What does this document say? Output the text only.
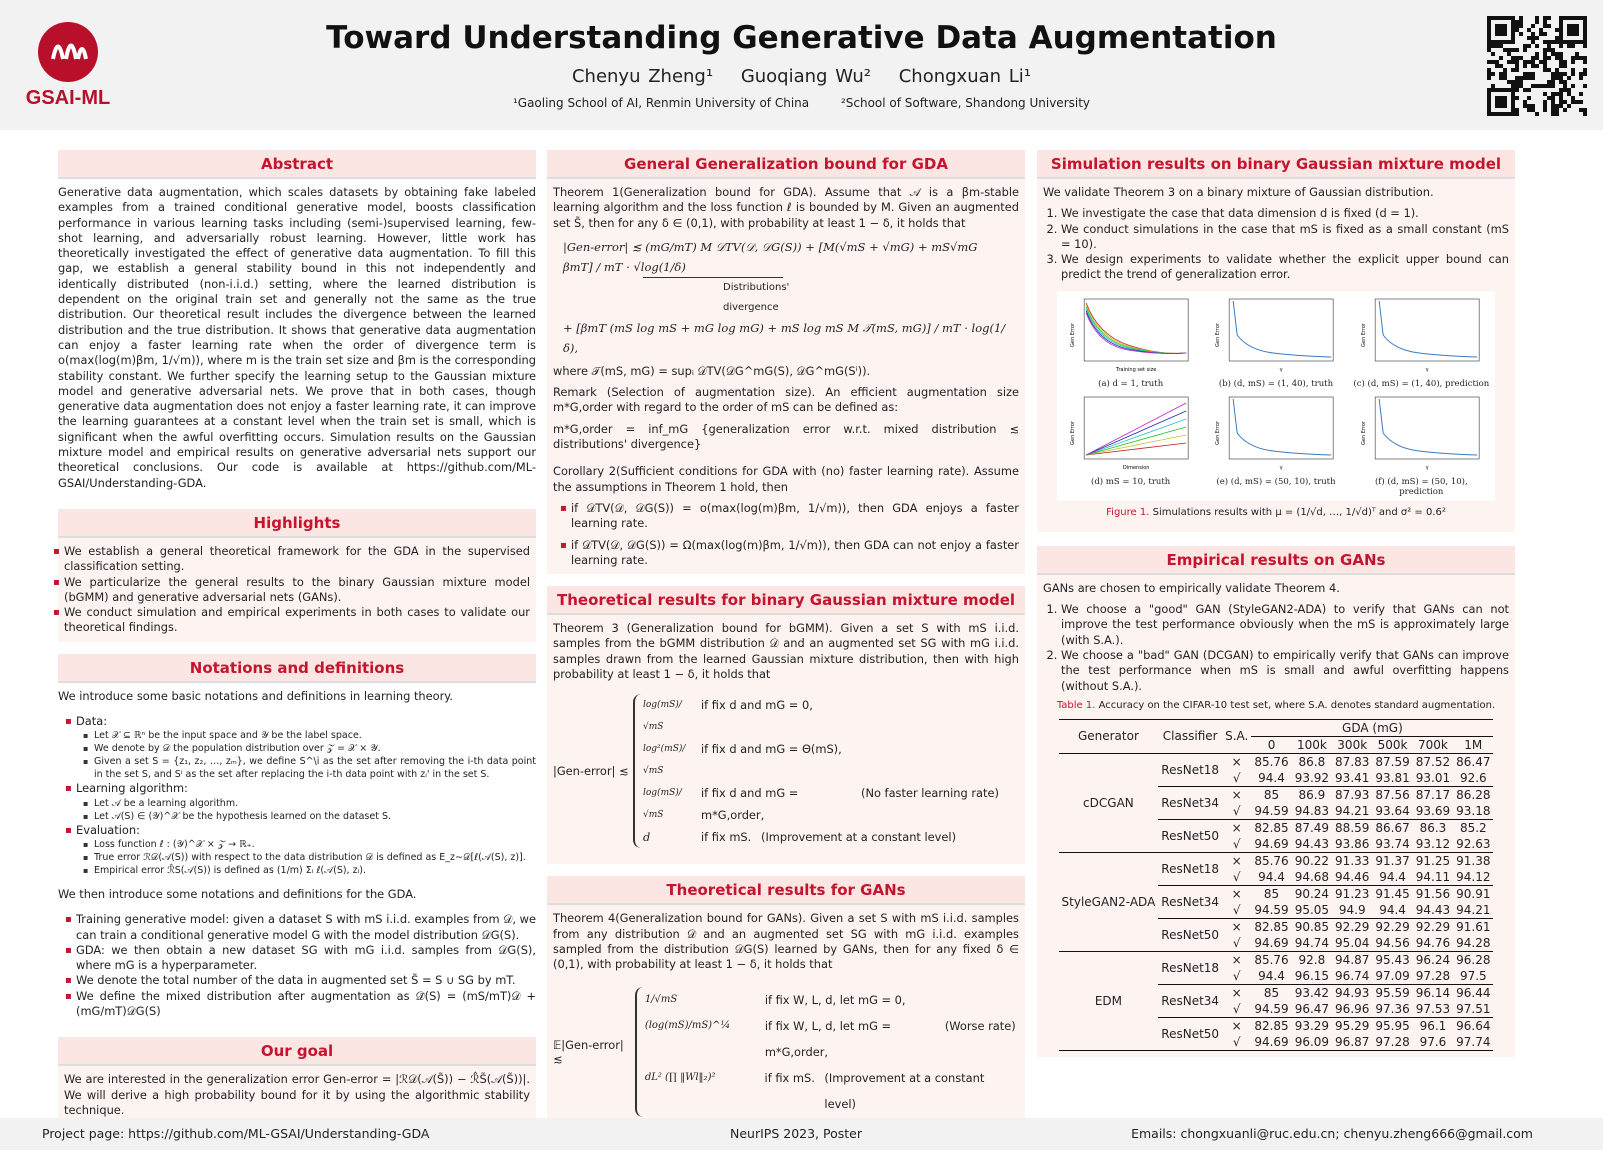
GSAI-ML
Toward Understanding Generative Data Augmentation
Chenyu Zheng¹ Guoqiang Wu² Chongxuan Li¹
¹Gaoling School of AI, Renmin University of China	²School of Software, Shandong University
Abstract

Generative data augmentation, which scales datasets by obtaining fake labeled examples from a trained conditional generative model, boosts classification performance in various learning tasks including (semi-)supervised learning, few-shot learning, and adversarially robust learning. However, little work has theoretically investigated the effect of generative data augmentation. To fill this gap, we establish a general stability bound in this not independently and identically distributed (non-i.i.d.) setting, where the learned distribution is dependent on the original train set and generally not the same as the true distribution. Our theoretical result includes the divergence between the learned distribution and the true distribution. It shows that generative data augmentation can enjoy a faster learning rate when the order of divergence term is o(max(log(m)βm, 1/√m)), where m is the train set size and βm is the corresponding stability constant. We further specify the learning setup to the Gaussian mixture model and generative adversarial nets. We prove that in both cases, though generative data augmentation does not enjoy a faster learning rate, it can improve the learning guarantees at a constant level when the train set is small, which is significant when the awful overfitting occurs. Simulation results on the Gaussian mixture model and empirical results on generative adversarial nets support our theoretical conclusions. Our code is available at https://github.com/ML-GSAI/Understanding-GDA.

Highlights
▪ We establish a general theoretical framework for the GDA in the supervised classification setting.
▪ We particularize the general results to the binary Gaussian mixture model (bGMM) and generative adversarial nets (GANs).
▪ We conduct simulation and empirical experiments in both cases to validate our theoretical findings.
Notations and definitions

We introduce some basic notations and definitions in learning theory.

▪ Data:
▪ Let 𝒳 ⊆ ℝⁿ be the input space and 𝒴 be the label space.
▪ We denote by 𝒟 the population distribution over 𝒵 = 𝒳 × 𝒴.
▪ Given a set S = {z₁, z₂, …, zₘ}, we define S^\i as the set after removing the i-th data point in the set S, and Sⁱ as the set after replacing the i-th data point with zᵢ' in the set S.
▪ Learning algorithm:
▪ Let 𝒜 be a learning algorithm.
▪ Let 𝒜(S) ∈ (𝒴)^𝒳 be the hypothesis learned on the dataset S.
▪ Evaluation:
▪ Loss function ℓ : (𝒴)^𝒳 × 𝒵 → ℝ₊.
▪ True error ℛ𝒟(𝒜(S)) with respect to the data distribution 𝒟 is defined as E_z∼𝒟[ℓ(𝒜(S), z)].
▪ Empirical error ℛ̂S(𝒜(S)) is defined as (1/m) Σᵢ ℓ(𝒜(S), zᵢ).

We then introduce some notations and definitions for the GDA.

▪ Training generative model: given a dataset S with mS i.i.d. examples from 𝒟, we can train a conditional generative model G with the model distribution 𝒟G(S).
▪ GDA: we then obtain a new dataset SG with mG i.i.d. samples from 𝒟G(S), where mG is a hyperparameter.
▪ We denote the total number of the data in augmented set S̃ = S ∪ SG by mT.
▪ We define the mixed distribution after augmentation as 𝒟̃(S) = (mS/mT)𝒟 + (mG/mT)𝒟G(S)
Our goal

We are interested in the generalization error Gen-error = |ℛ𝒟(𝒜(S̃)) − ℛ̂S̃(𝒜(S̃))|. We will derive a high probability bound for it by using the algorithmic stability technique.

General Generalization bound for GDA

Theorem 1(Generalization bound for GDA). Assume that 𝒜 is a βm-stable learning algorithm and the loss function ℓ is bounded by M. Given an augmented set S̃, then for any δ ∈ (0,1), with probability at least 1 − δ, it holds that

|Gen-error| ≲ (mG/mT) M 𝒟TV(𝒟, 𝒟G(S)) + [M(√mS + √mG) + mS√mG βmT] / mT · √log(1/δ)
Distributions' divergence
+ [βmT (mS log mS + mG log mG) + mS log mS M 𝒯(mS, mG)] / mT · log(1/δ),

where 𝒯(mS, mG) = supᵢ 𝒟TV(𝒟G^mG(S), 𝒟G^mG(Sⁱ)).

Remark (Selection of augmentation size). An efficient augmentation size m*G,order with regard to the order of mS can be defined as:

m*G,order = inf_mG {generalization error w.r.t. mixed distribution ≲ distributions' divergence}

Corollary 2(Sufficient conditions for GDA with (no) faster learning rate). Assume the assumptions in Theorem 1 hold, then

▪ if 𝒟TV(𝒟, 𝒟G(S)) = o(max(log(m)βm, 1/√m)), then GDA enjoys a faster learning rate.
▪ if 𝒟TV(𝒟, 𝒟G(S)) = Ω(max(log(m)βm, 1/√m)), then GDA can not enjoy a faster learning rate.
Theoretical results for binary Gaussian mixture model

Theorem 3 (Generalization bound for bGMM). Given a set S with mS i.i.d. samples from the bGMM distribution 𝒟 and an augmented set SG with mG i.i.d. samples drawn from the learned Gaussian mixture distribution, then with high probability at least 1 − δ, it holds that

|Gen-error| ≲
log(mS)/√mS
if fix d and mG = 0,
log²(mS)/√mS
if fix d and mG = Θ(mS),
log(mS)/√mS
if fix d and mG = m*G,order,
(No faster learning rate)
d	if fix mS. (Improvement at a constant level)
Theoretical results for GANs

Theorem 4(Generalization bound for GANs). Given a set S with mS i.i.d. samples from any distribution 𝒟 and an augmented set SG with mG i.i.d. examples sampled from the distribution 𝒟G(S) learned by GANs, then for any fixed δ ∈ (0,1), with probability at least 1 − δ, it holds that

𝔼|Gen-error| ≲
1/√mS	if fix W, L, d, let mG = 0,
(log(mS)/mS)^¼	if fix W, L, d, let mG = m*G,order,
(Worse rate)
dL² (∏ ‖Wl‖₂)²	if fix mS. (Improvement at a constant level)
Simulation results on binary Gaussian mixture model

We validate Theorem 3 on a binary mixture of Gaussian distribution.

1. We investigate the case that data dimension d is fixed (d = 1).
2. We conduct simulations in the case that mS is fixed as a small constant (mS = 10).
3. We design experiments to validate whether the explicit upper bound can predict the trend of generalization error.
Training set size
Gen Error
(a) d = 1, truth
γ
Gen Error
(b) (d, mS) = (1, 40), truth
γ
Gen Error
(c) (d, mS) = (1, 40), prediction
Dimension
Gen Error
(d) mS = 10, truth
γ
Gen Error
(e) (d, mS) = (50, 10), truth
γ
Gen Error
(f) (d, mS) = (50, 10), prediction
Figure 1. Simulations results with μ = (1/√d, …, 1/√d)ᵀ and σ² = 0.6²
Empirical results on GANs

GANs are chosen to empirically validate Theorem 4.

1. We choose a "good" GAN (StyleGAN2-ADA) to verify that GANs can not improve the test performance obviously when the mS is approximately large (with S.A.).
2. We choose a "bad" GAN (DCGAN) to empirically verify that GANs can improve the test performance when mS is small and awful overfitting happens (without S.A.).
Table 1. Accuracy on the CIFAR-10 test set, where S.A. denotes standard augmentation.
Generator	Classifier	S.A.	GDA (mG)					
			0	100k	300k	500k	700k	1M
cDCGAN	ResNet18	×	85.76	86.8	87.83	87.59	87.52	86.47
		√	94.4	93.92	93.41	93.81	93.01	92.6
	ResNet34	×	85	86.9	87.93	87.56	87.17	86.28
		√	94.59	94.83	94.21	93.64	93.69	93.18
	ResNet50	×	82.85	87.49	88.59	86.67	86.3	85.2
		√	94.69	94.43	93.86	93.74	93.12	92.63
StyleGAN2-ADA	ResNet18	×	85.76	90.22	91.33	91.37	91.25	91.38
		√	94.4	94.68	94.46	94.4	94.11	94.12
	ResNet34	×	85	90.24	91.23	91.45	91.56	90.91
		√	94.59	95.05	94.9	94.4	94.43	94.21
	ResNet50	×	82.85	90.85	92.29	92.29	92.29	91.61
		√	94.69	94.74	95.04	94.56	94.76	94.28
EDM	ResNet18	×	85.76	92.8	94.87	95.43	96.24	96.28
		√	94.4	96.15	96.74	97.09	97.28	97.5
	ResNet34	×	85	93.42	94.93	95.59	96.14	96.44
		√	94.59	96.47	96.96	97.36	97.53	97.51
	ResNet50	×	82.85	93.29	95.29	95.95	96.1	96.64
		√	94.69	96.09	96.87	97.28	97.6	97.74

Project page: https://github.com/ML-GSAI/Understanding-GDA	NeurIPS 2023, Poster	Emails: chongxuanli@ruc.edu.cn; chenyu.zheng666@gmail.com
